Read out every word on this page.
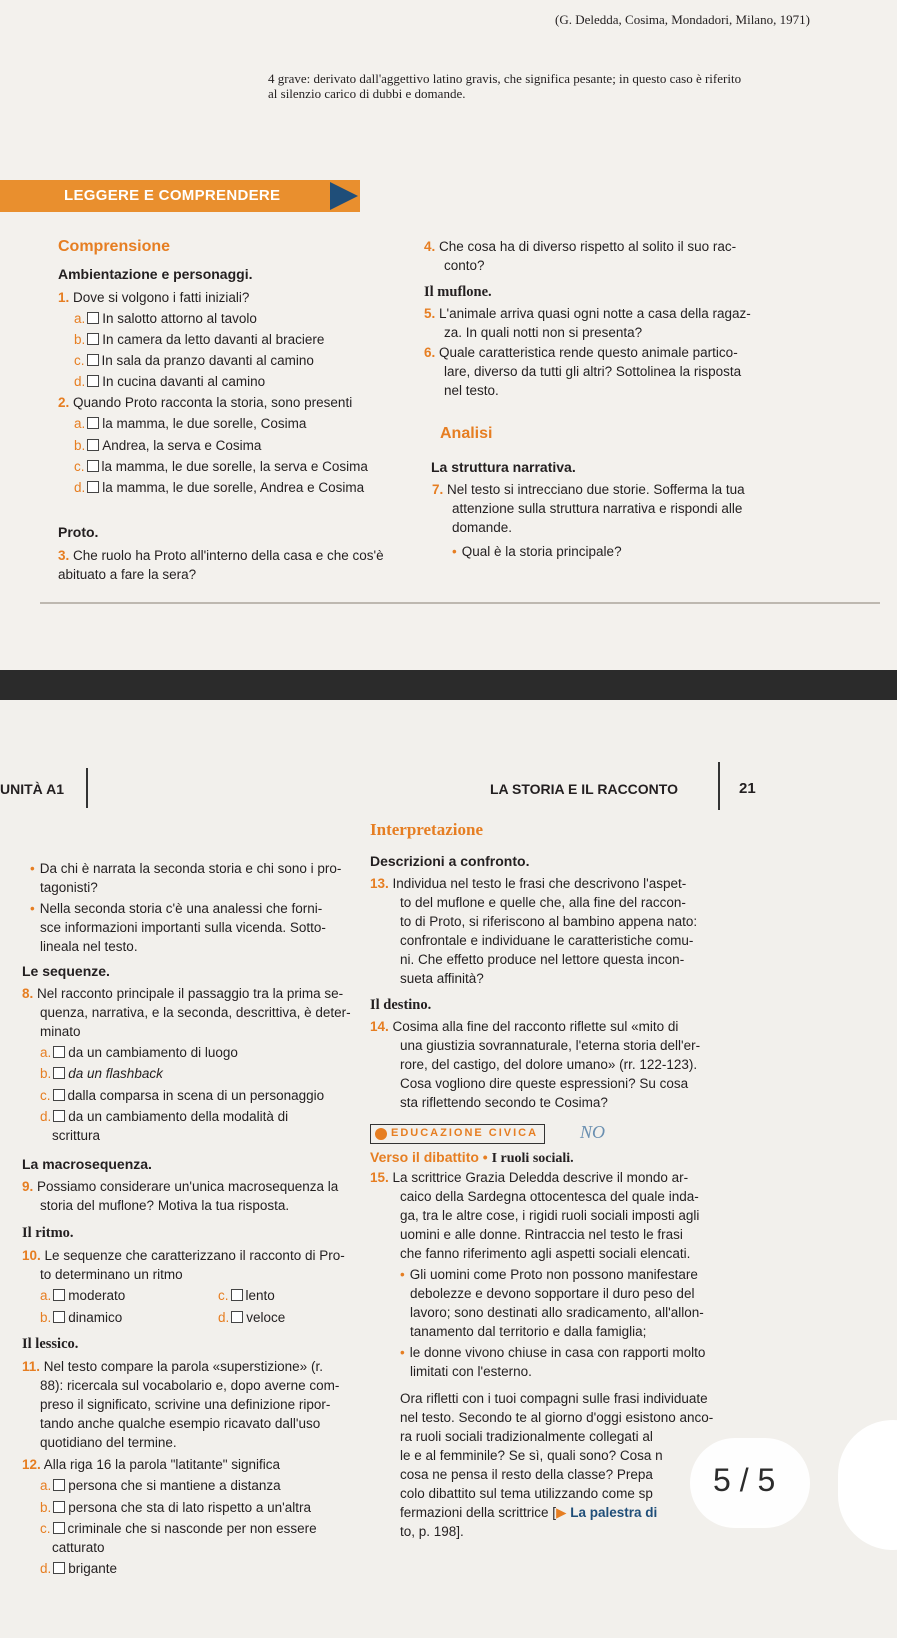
(G. Deledda, Cosima, Mondadori, Milano, 1971)
4 grave: derivato dall'aggettivo latino gravis, che significa pesante; in questo caso è riferito
al silenzio carico di dubbi e domande.
LEGGERE E COMPRENDERE
Comprensione
Ambientazione e personaggi.
1. Dove si volgono i fatti iniziali?
a. In salotto attorno al tavolo
b. In camera da letto davanti al braciere
c. In sala da pranzo davanti al camino
d. In cucina davanti al camino
2. Quando Proto racconta la storia, sono presenti
a. la mamma, le due sorelle, Cosima
b. Andrea, la serva e Cosima
c. la mamma, le due sorelle, la serva e Cosima
d. la mamma, le due sorelle, Andrea e Cosima
Proto.
3. Che ruolo ha Proto all'interno della casa e che cos'è
abituato a fare la sera?
4. Che cosa ha di diverso rispetto al solito il suo rac-
conto?
Il muflone.
5. L'animale arriva quasi ogni notte a casa della ragaz-
za. In quali notti non si presenta?
6. Quale caratteristica rende questo animale partico-
lare, diverso da tutti gli altri? Sottolinea la risposta
nel testo.
Analisi
La struttura narrativa.
7. Nel testo si intrecciano due storie. Sofferma la tua
attenzione sulla struttura narrativa e rispondi alle
domande.
• Qual è la storia principale?
UNITÀ A1	LA STORIA E IL RACCONTO	21
• Da chi è narrata la seconda storia e chi sono i pro-
tagonisti?
• Nella seconda storia c'è una analessi che forni-
sce informazioni importanti sulla vicenda. Sotto-
lineala nel testo.
Le sequenze.
8. Nel racconto principale il passaggio tra la prima se-
quenza, narrativa, e la seconda, descrittiva, è deter-
minato
a. da un cambiamento di luogo
b. da un flashback
c. dalla comparsa in scena di un personaggio
d. da un cambiamento della modalità di
scrittura
La macrosequenza.
9. Possiamo considerare un'unica macrosequenza la
storia del muflone? Motiva la tua risposta.
Il ritmo.
10. Le sequenze che caratterizzano il racconto di Pro-
to determinano un ritmo
a. moderato
b. dinamico
c. lento
d. veloce
Il lessico.
11. Nel testo compare la parola «superstizione» (r.
88): ricercala sul vocabolario e, dopo averne com-
preso il significato, scrivine una definizione ripor-
tando anche qualche esempio ricavato dall'uso
quotidiano del termine.
12. Alla riga 16 la parola "latitante" significa
a. persona che si mantiene a distanza
b. persona che sta di lato rispetto a un'altra
c. criminale che si nasconde per non essere
catturato
d. brigante
Interpretazione
Descrizioni a confronto.
13. Individua nel testo le frasi che descrivono l'aspet-
to del muflone e quelle che, alla fine del raccon-
to di Proto, si riferiscono al bambino appena nato:
confrontale e individuane le caratteristiche comu-
ni. Che effetto produce nel lettore questa incon-
sueta affinità?
Il destino.
14. Cosima alla fine del racconto riflette sul «mito di
una giustizia sovrannaturale, l'eterna storia dell'er-
rore, del castigo, del dolore umano» (rr. 122-123).
Cosa vogliono dire queste espressioni? Su cosa
sta riflettendo secondo te Cosima?
EDUCAZIONE CIVICA	NO
Verso il dibattito • I ruoli sociali.
15. La scrittrice Grazia Deledda descrive il mondo ar-
caico della Sardegna ottocentesca del quale inda-
ga, tra le altre cose, i rigidi ruoli sociali imposti agli
uomini e alle donne. Rintraccia nel testo le frasi
che fanno riferimento agli aspetti sociali elencati.
• Gli uomini come Proto non possono manifestare
debolezze e devono sopportare il duro peso del
lavoro; sono destinati allo sradicamento, all'allon-
tanamento dal territorio e dalla famiglia;
• le donne vivono chiuse in casa con rapporti molto
limitati con l'esterno.
Ora rifletti con i tuoi compagni sulle frasi individuate
nel testo. Secondo te al giorno d'oggi esistono anco-
ra ruoli sociali tradizionalmente collegati al
le e al femminile? Se sì, quali sono? Cosa n
cosa ne pensa il resto della classe? Prepa
colo dibattito sul tema utilizzando come sp
fermazioni della scrittrice [▶ La palestra di
to, p. 198].
5 / 5
